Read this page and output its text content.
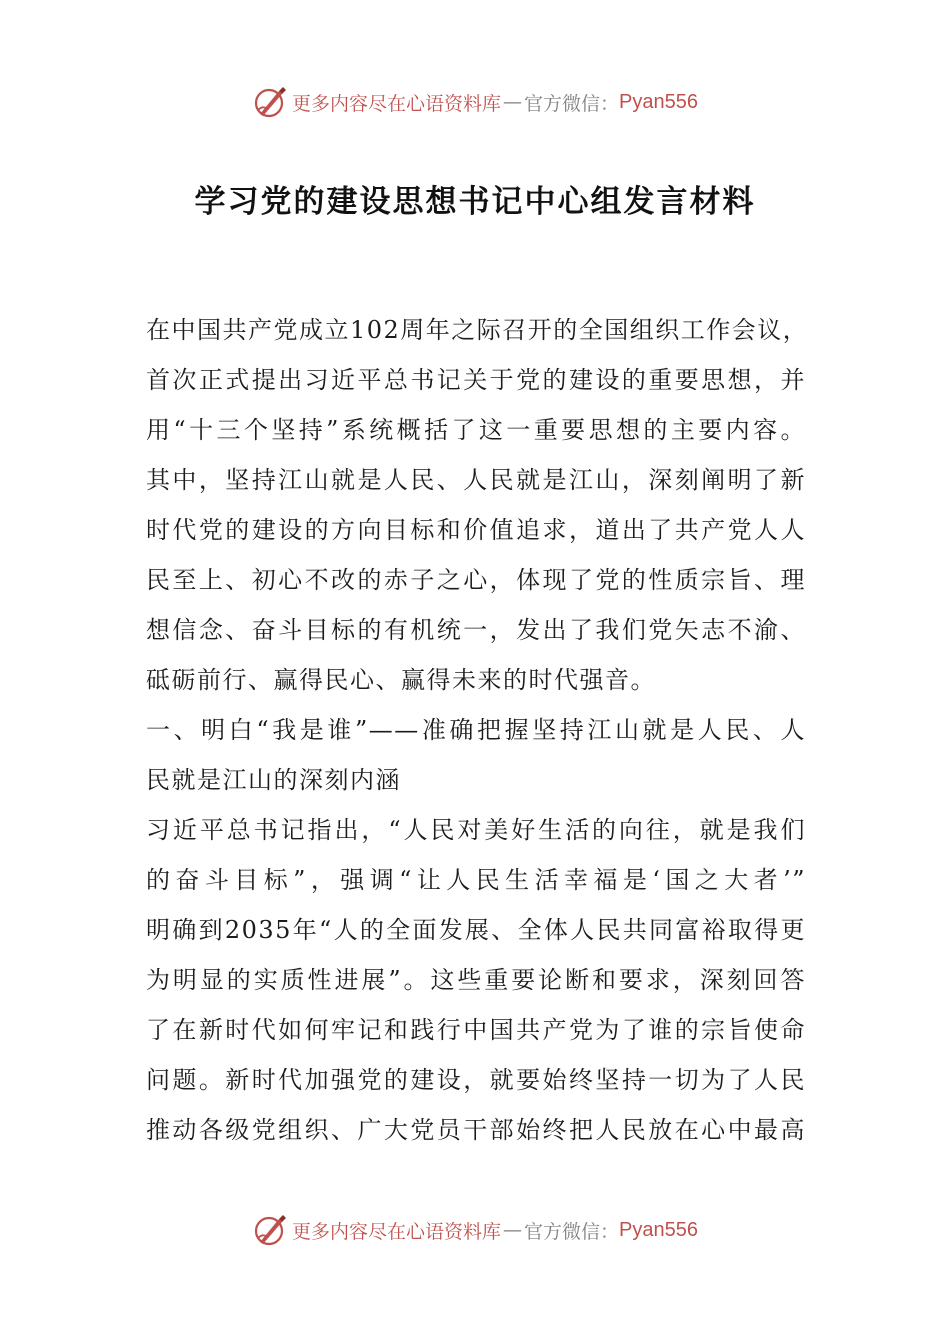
更多内容尽在心语资料库 — 官方微信： Pyan556
学习党的建设思想书记中心组发言材料
在中国共产党成立102周年之际召开的全国组织工作会议，
首次正式提出习近平总书记关于党的建设的重要思想，并
用“十三个坚持”系统概括了这一重要思想的主要内容。
其中，坚持江山就是人民、人民就是江山，深刻阐明了新
时代党的建设的方向目标和价值追求，道出了共产党人人
民至上、初心不改的赤子之心，体现了党的性质宗旨、理
想信念、奋斗目标的有机统一，发出了我们党矢志不渝、
砥砺前行、赢得民心、赢得未来的时代强音。
一、明白“我是谁”——准确把握坚持江山就是人民、人
民就是江山的深刻内涵
习近平总书记指出，“人民对美好生活的向往，就是我们
的奋斗目标”，强调“让人民生活幸福是‘国之大者’”
明确到2035年“人的全面发展、全体人民共同富裕取得更
为明显的实质性进展”。这些重要论断和要求，深刻回答
了在新时代如何牢记和践行中国共产党为了谁的宗旨使命
问题。新时代加强党的建设，就要始终坚持一切为了人民
推动各级党组织、广大党员干部始终把人民放在心中最高
更多内容尽在心语资料库 — 官方微信： Pyan556
